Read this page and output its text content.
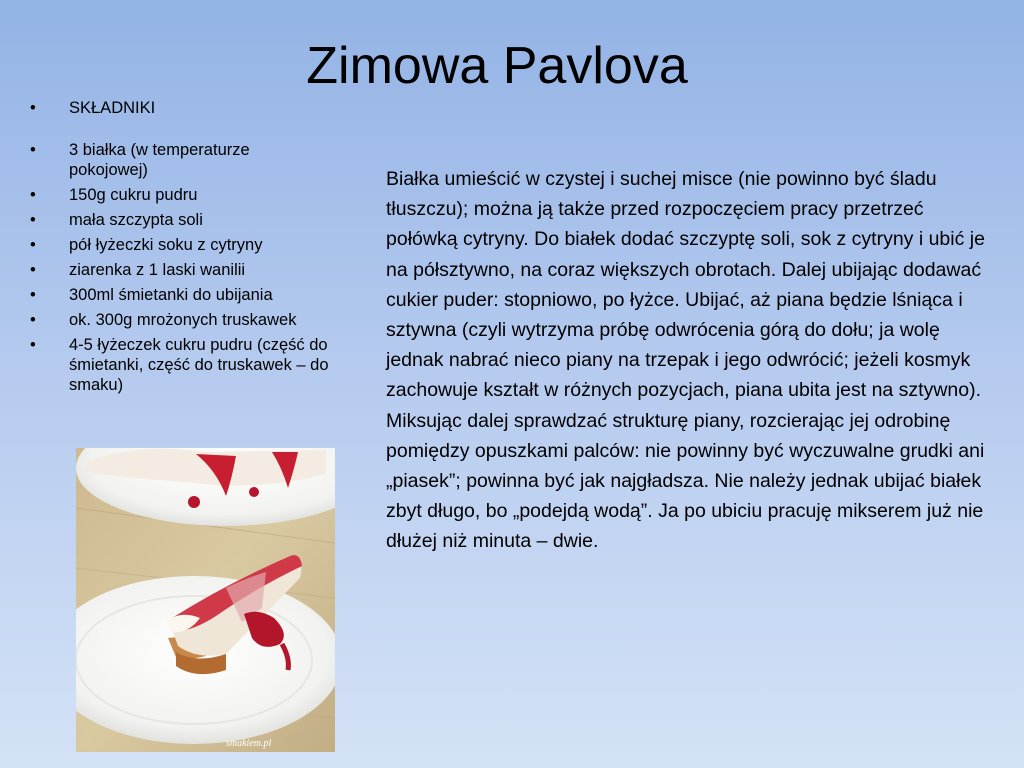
Zimowa Pavlova
• SKŁADNIKI
• 3 białka (w temperaturze pokojowej)
• 150g cukru pudru
• mała szczypta soli
• pół łyżeczki soku z cytryny
• ziarenka z 1 laski wanilii
• 300ml śmietanki do ubijania
• ok. 300g mrożonych truskawek
• 4-5 łyżeczek cukru pudru (część do śmietanki, część do truskawek – do smaku)
smakiem.pl

Białka umieścić w czystej i suchej misce (nie powinno być śladu tłuszczu); można ją także przed rozpoczęciem pracy przetrzeć połówką cytryny. Do białek dodać szczyptę soli, sok z cytryny i ubić je na półsztywno, na coraz większych obrotach. Dalej ubijając dodawać cukier puder: stopniowo, po łyżce. Ubijać, aż piana będzie lśniąca i sztywna (czyli wytrzyma próbę odwrócenia górą do dołu; ja wolę jednak nabrać nieco piany na trzepak i jego odwrócić; jeżeli kosmyk zachowuje kształt w różnych pozycjach, piana ubita jest na sztywno). Miksując dalej sprawdzać strukturę piany, rozcierając jej odrobinę pomiędzy opuszkami palców: nie powinny być wyczuwalne grudki ani „piasek”; powinna być jak najgładsza. Nie należy jednak ubijać białek zbyt długo, bo „podejdą wodą”. Ja po ubiciu pracuję mikserem już nie dłużej niż minuta – dwie.
